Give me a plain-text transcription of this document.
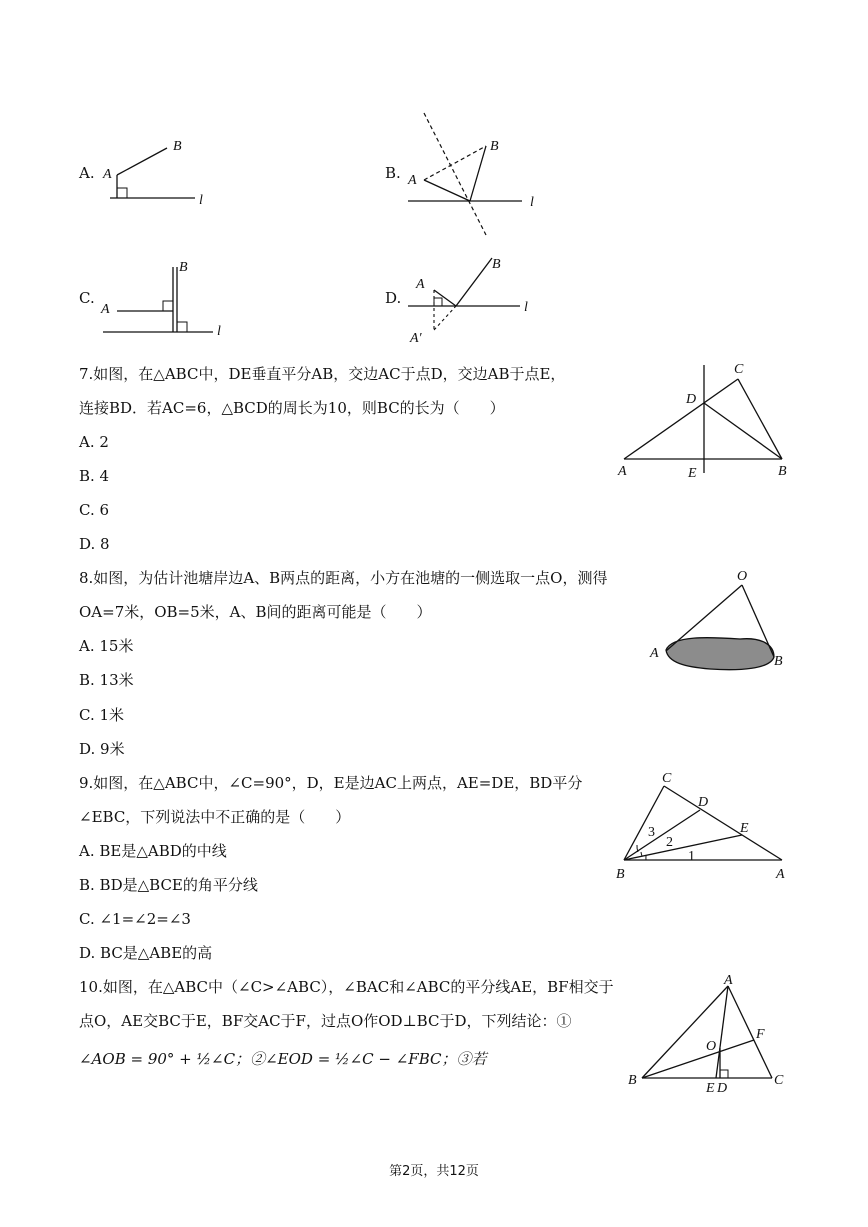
A. A
B
l
B. A
B
l
C.
A
B
l
D.
A
B
A′
l
7.如图，在△ABC中，DE垂直平分AB，交边AC于点D，交边AB于点E，
连接BD．若AC=6，△BCD的周长为10，则BC的长为（　　）
A. 2
B. 4
C. 6
D. 8
A	B
C
D
E
8.如图，为估计池塘岸边A、B两点的距离，小方在池塘的一侧选取一点O，测得
OA=7米，OB=5米，A、B间的距离可能是（　　）
A. 15米
B. 13米
C. 1米
D. 9米
O
A
B
9.如图，在△ABC中，∠C=90°，D，E是边AC上两点，AE=DE，BD平分
∠EBC，下列说法中不正确的是（　　）
A. BE是△ABD的中线
B. BD是△BCE的角平分线
C. ∠1=∠2=∠3
D. BC是△ABE的高
C
D
E
B	A
3
2
1
10.如图，在△ABC中（∠C>∠ABC），∠BAC和∠ABC的平分线AE，BF相交于
点O，AE交BC于E，BF交AC于F，过点O作OD⊥BC于D，下列结论：①
∠AOB = 90° + ½∠C；②∠EOD = ½∠C − ∠FBC；③若
A
B	C
O
F
E D
第2页，共12页
